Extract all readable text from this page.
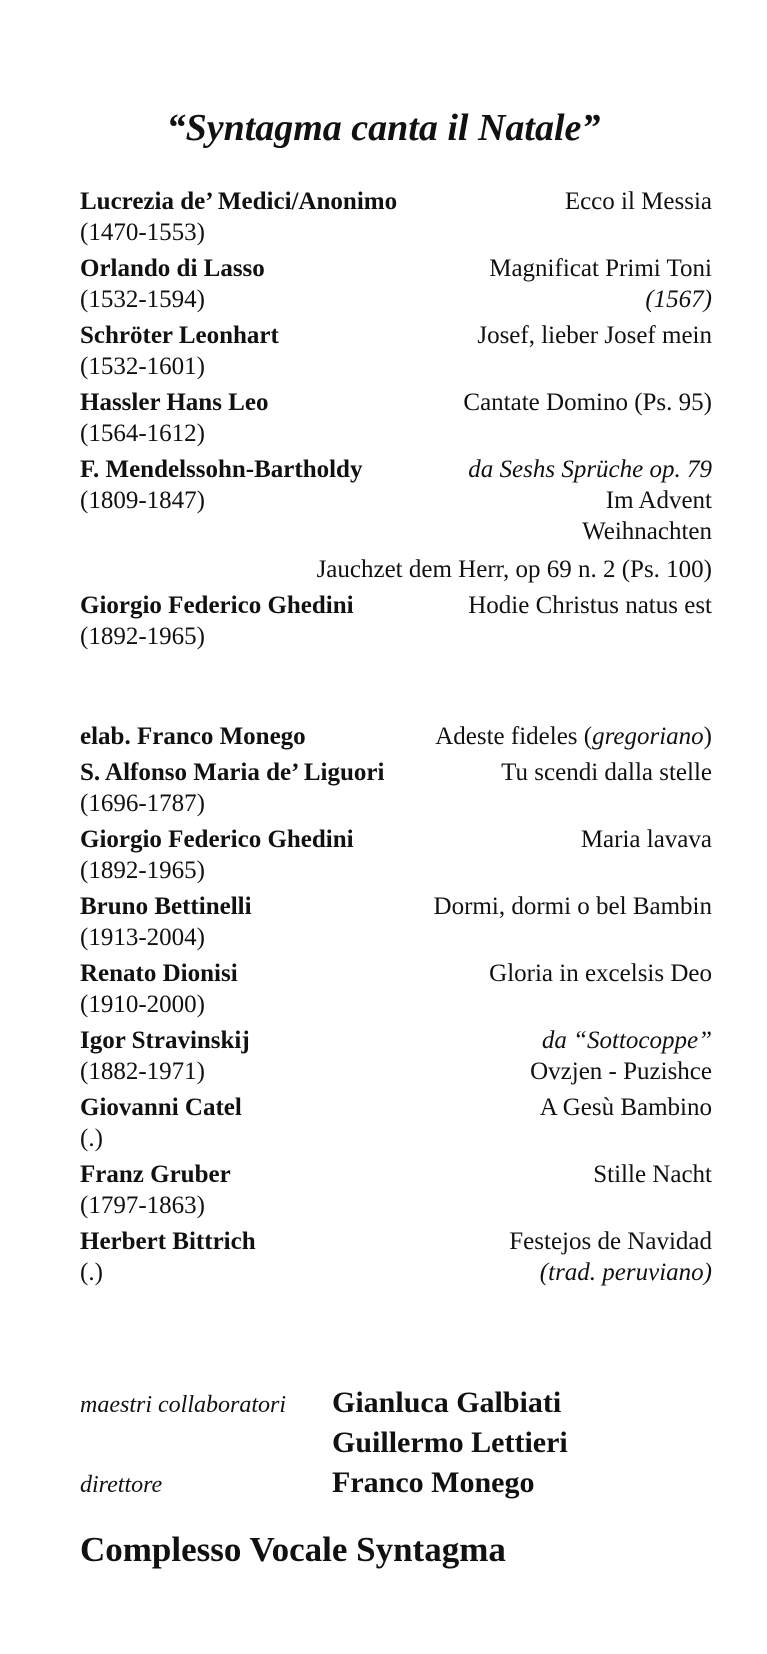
“Syntagma canta il Natale”
Lucrezia de’ Medici/Anonimo	Ecco il Messia
(1470-1553)
Orlando di Lasso	Magnificat Primi Toni
(1532-1594)	(1567)
Schröter Leonhart	Josef, lieber Josef mein
(1532-1601)
Hassler Hans Leo	Cantate Domino (Ps. 95)
(1564-1612)
F. Mendelssohn-Bartholdy	da Seshs Sprüche op. 79
(1809-1847)	Im Advent
Weihnachten
Jauchzet dem Herr, op 69 n. 2 (Ps. 100)
Giorgio Federico Ghedini	Hodie Christus natus est
(1892-1965)
elab. Franco Monego	Adeste fideles (gregoriano)
S. Alfonso Maria de’ Liguori	Tu scendi dalla stelle
(1696-1787)
Giorgio Federico Ghedini	Maria lavava
(1892-1965)
Bruno Bettinelli	Dormi, dormi o bel Bambin
(1913-2004)
Renato Dionisi	Gloria in excelsis Deo
(1910-2000)
Igor Stravinskij	da “Sottocoppe”
(1882-1971)	Ovzjen - Puzishce
Giovanni Catel	A Gesù Bambino
(.)
Franz Gruber	Stille Nacht
(1797-1863)
Herbert Bittrich	Festejos de Navidad
(.)	(trad. peruviano)
maestri collaboratori	Gianluca Galbiati
Guillermo Lettieri
direttore	Franco Monego
Complesso Vocale Syntagma
